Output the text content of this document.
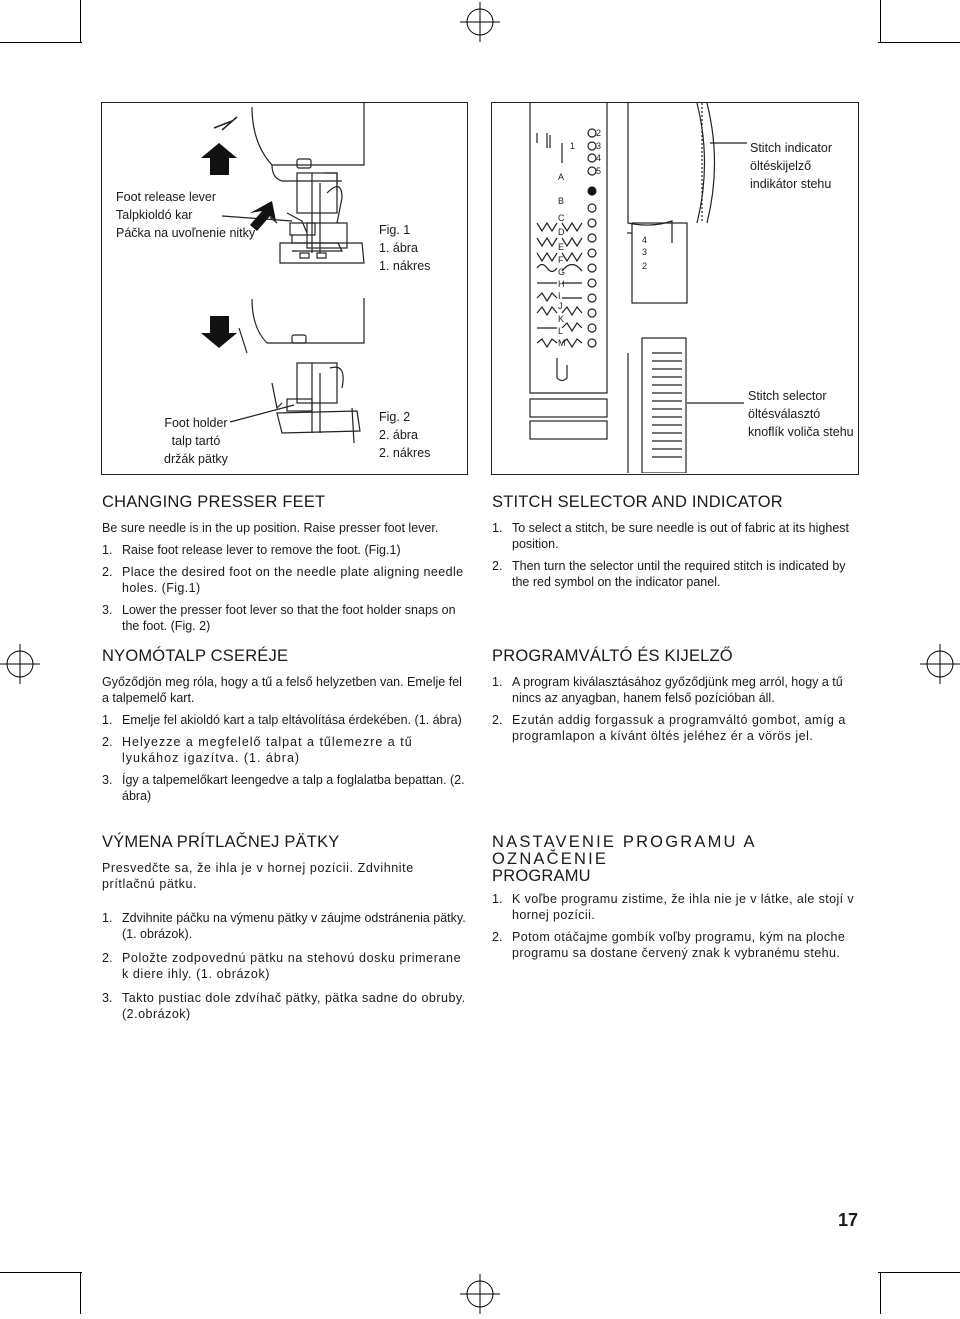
Foot release lever
Talpkioldó kar
Páčka na uvoľnenie nitky	Fig. 1
1. ábra
1. nákres
Foot holder
talp tartó
držák pätky
Fig. 2
2. ábra
2. nákres
2
1 3
4
5
A
B
C
D
E
F
G
H
I
J
K
L
M
4
3
2
Stitch indicator
öltéskijelző
indikátor stehu
Stitch selector
öltésválasztó
knoflík voliča stehu
CHANGING PRESSER FEET

Be sure needle is in the up position. Raise presser foot lever.

1. Raise foot release lever to remove the foot. (Fig.1)
2. Place the desired foot on the needle plate aligning needle holes. (Fig.1)
3. Lower the presser foot lever so that the foot holder snaps on the foot. (Fig. 2)
STITCH SELECTOR AND INDICATOR
1. To select a stitch, be sure needle is out of fabric at its highest position.
2. Then turn the selector until the required stitch is indicated by the red symbol on the indicator panel.
NYOMÓTALP CSERÉJE

Győződjön meg róla, hogy a tű a felső helyzetben van. Emelje fel a talpemelő kart.

1. Emelje fel akioldó kart a talp eltávolítása érdekében. (1. ábra)
2. Helyezze a megfelelő talpat a tűlemezre a tű lyukához igazítva. (1. ábra)
3. Így a talpemelőkart leengedve a talp a foglalatba bepattan. (2. ábra)
PROGRAMVÁLTÓ ÉS KIJELZŐ
1. A program kiválasztásához győződjünk meg arról, hogy a tű nincs az anyagban, hanem felső pozícióban áll.
2. Ezután addig forgassuk a programváltó gombot, amíg a programlapon a kívánt öltés jeléhez ér a vörös jel.
VÝMENA PRÍTLAČNEJ PÄTKY

Presvedčte sa, že ihla je v hornej pozícii. Zdvihnite prítlačnú pätku.

1. Zdvihnite páčku na výmenu pätky v záujme odstránenia pätky. (1. obrázok).
2. Položte zodpovednú pätku na stehovú dosku primerane k diere ihly. (1. obrázok)
3. Takto pustiac dole zdvíhač pätky, pätka sadne do obruby. (2.obrázok)
NASTAVENIE PROGRAMU A OZNAČENIE
PROGRAMU
1. K voľbe programu zistime, že ihla nie je v látke, ale stojí v hornej pozícii.
2. Potom otáčajme gombík voľby programu, kým na ploche programu sa dostane červený znak k vybranému stehu.
17
